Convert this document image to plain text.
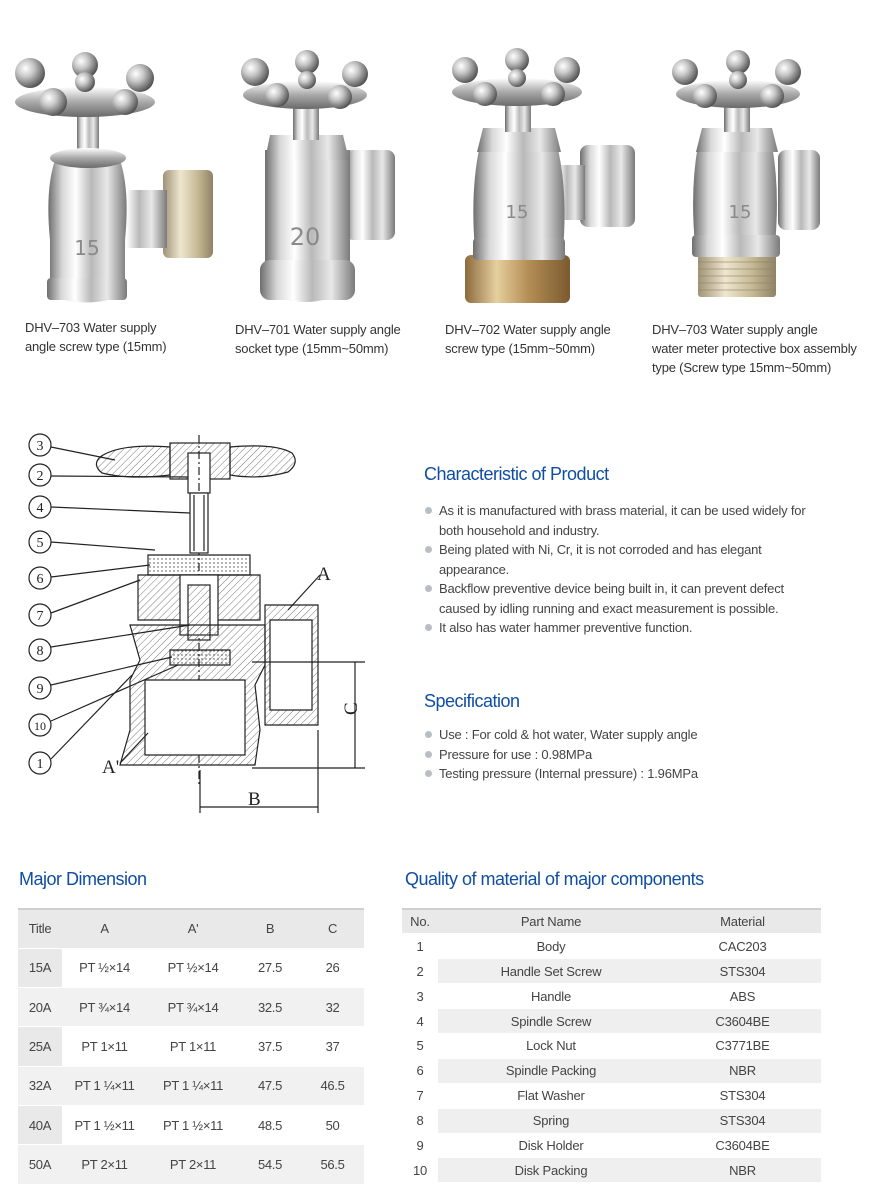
15
DHV–703 Water supply
angle screw type (15mm)
20
DHV–701 Water supply angle
socket type (15mm~50mm)
15
DHV–702 Water supply angle
screw type (15mm~50mm)
15
DHV–703 Water supply angle
water meter protective box assembly
type (Screw type 15mm~50mm)
3
2
4
5
6
7
8
9
10
1
A
A'
B
C
Characteristic of Product
As it is manufactured with brass material, it can be used widely for
both household and industry.
Being plated with Ni, Cr, it is not corroded and has elegant
appearance.
Backflow preventive device being built in, it can prevent defect
caused by idling running and exact measurement is possible.
It also has water hammer preventive function.
Specification
Use : For cold & hot water, Water supply angle
Pressure for use : 0.98MPa
Testing pressure (Internal pressure) : 1.96MPa
Major Dimension
Title	A	A'	B	C
15A	PT ½×14	PT ½×14	27.5	26
20A	PT ¾×14	PT ¾×14	32.5	32
25A	PT 1×11	PT 1×11	37.5	37
32A	PT 1 ¼×11	PT 1 ¼×11	47.5	46.5
40A	PT 1 ½×11	PT 1 ½×11	48.5	50
50A	PT 2×11	PT 2×11	54.5	56.5
Quality of material of major components
No.	Part Name	Material
1	Body	CAC203
2	Handle Set Screw	STS304
3	Handle	ABS
4	Spindle Screw	C3604BE
5	Lock Nut	C3771BE
6	Spindle Packing	NBR
7	Flat Washer	STS304
8	Spring	STS304
9	Disk Holder	C3604BE
10	Disk Packing	NBR
